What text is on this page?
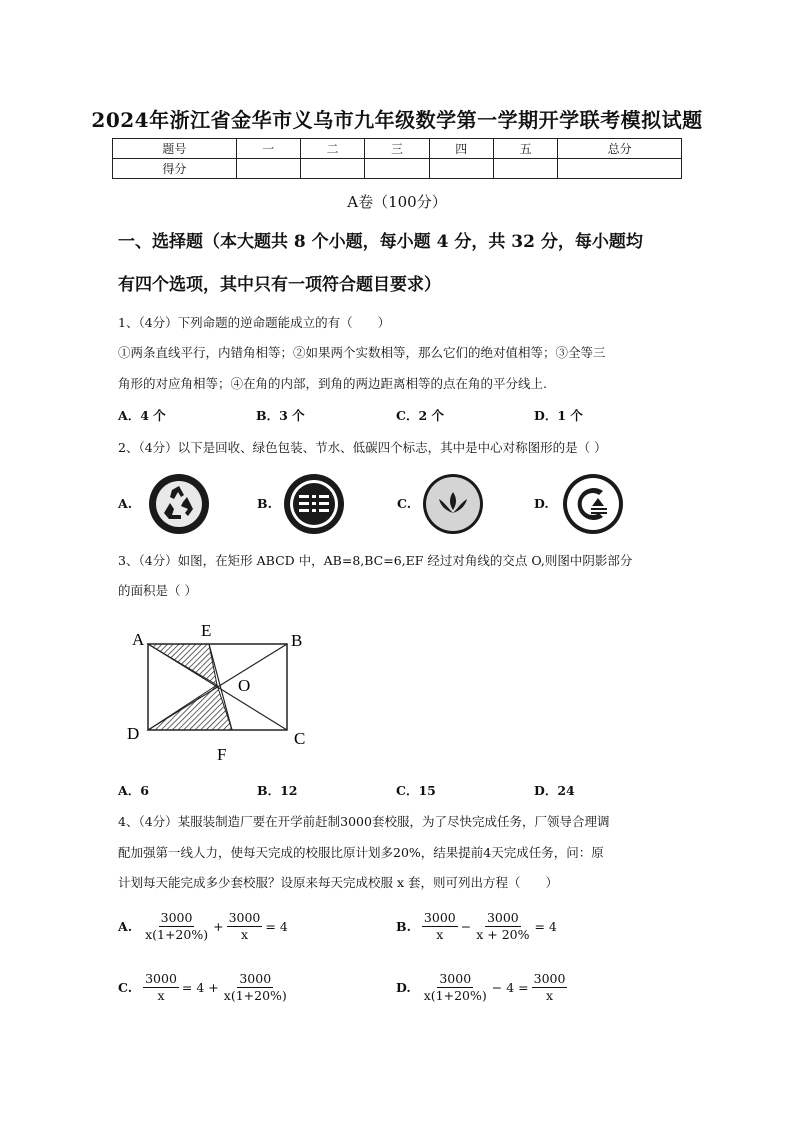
2024年浙江省金华市义乌市九年级数学第一学期开学联考模拟试题
题号	一	二	三	四	五	总分
得分						
A卷（100分）
一、选择题（本大题共 8 个小题，每小题 4 分，共 32 分，每小题均
有四个选项，其中只有一项符合题目要求）
1、（4分）下列命题的逆命题能成立的有（　　）
①两条直线平行，内错角相等；②如果两个实数相等，那么它们的绝对值相等；③全等三
角形的对应角相等；④在角的内部，到角的两边距离相等的点在角的平分线上.
A．4 个	B．3 个	C．2 个	D．1 个
2、（4分）以下是回收、绿色包装、节水、低碳四个标志，其中是中心对称图形的是（ ）
A.	B.	C.	D.
3、（4分）如图，在矩形 ABCD 中，AB=8,BC=6,EF 经过对角线的交点 O,则图中阴影部分
的面积是（ ）
A	E
B
O
D
F
C
A．6	B．12	C．15	D．24
4、（4分）某服装制造厂要在开学前赶制3000套校服，为了尽快完成任务，厂领导合理调
配加强第一线人力，使每天完成的校服比原计划多20%，结果提前4天完成任务，问：原
计划每天能完成多少套校服？设原来每天完成校服 x 套，则可列出方程（　　）
A. $\frac{3000}{x(1+20\%)} + \frac{3000}{x} = 4$	B. $\frac{3000}{x} - \frac{3000}{x + 20\%} = 4$
C. $\frac{3000}{x} = 4 + \frac{3000}{x(1+20\%)}$	D. $\frac{3000}{x(1+20\%)} - 4 = \frac{3000}{x}$
